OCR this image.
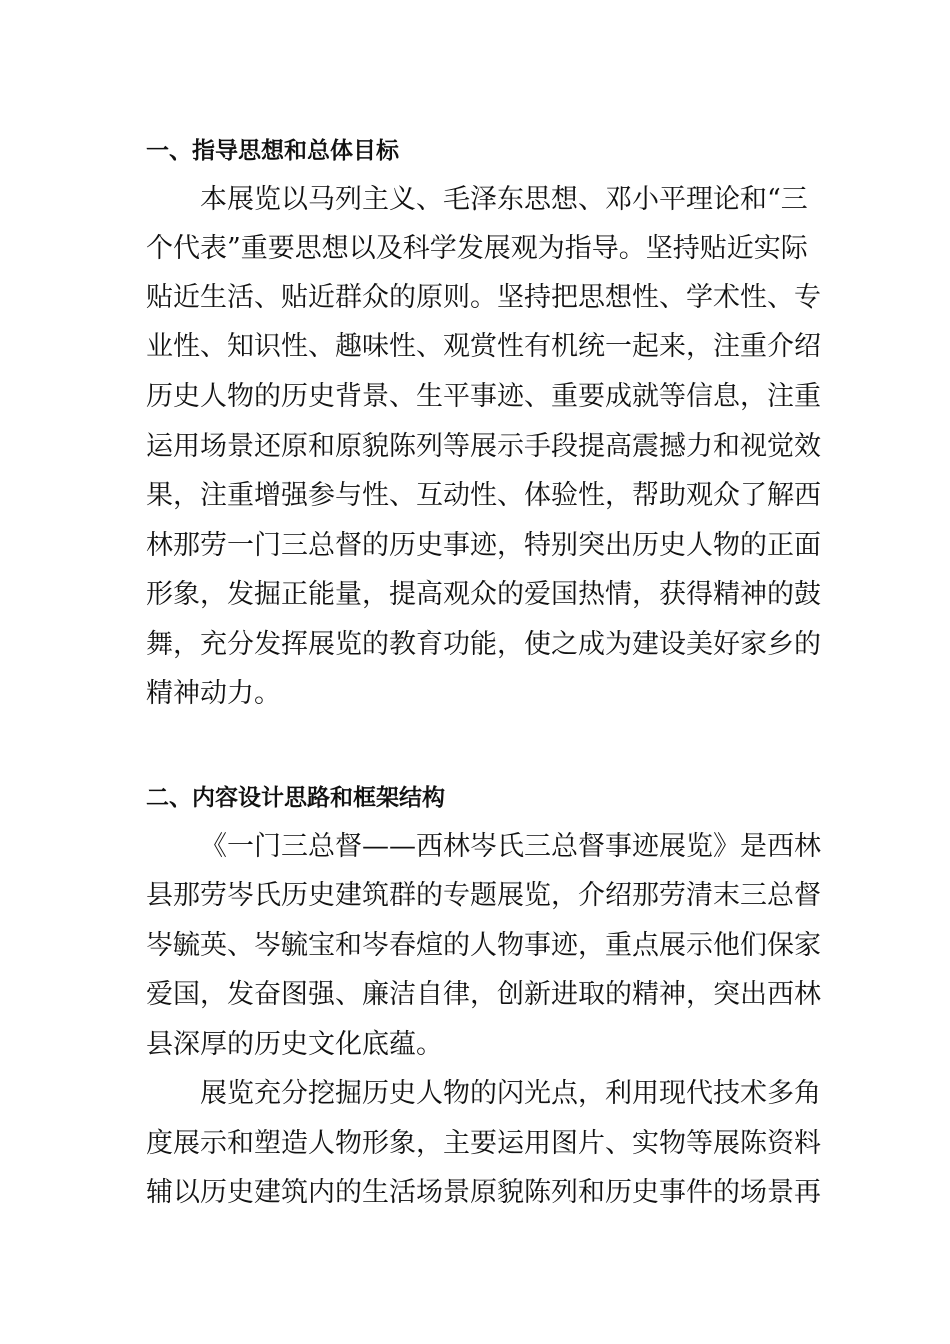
一、指导思想和总体目标

本展览以马列主义、毛泽东思想、邓小平理论和“三

个代表”重要思想以及科学发展观为指导。坚持贴近实际

贴近生活、贴近群众的原则。坚持把思想性、学术性、专

业性、知识性、趣味性、观赏性有机统一起来，注重介绍

历史人物的历史背景、生平事迹、重要成就等信息，注重

运用场景还原和原貌陈列等展示手段提高震撼力和视觉效

果，注重增强参与性、互动性、体验性，帮助观众了解西

林那劳一门三总督的历史事迹，特别突出历史人物的正面

形象，发掘正能量，提高观众的爱国热情，获得精神的鼓

舞，充分发挥展览的教育功能，使之成为建设美好家乡的

精神动力。

二、内容设计思路和框架结构

《一门三总督——西林岑氏三总督事迹展览》是西林

县那劳岑氏历史建筑群的专题展览，介绍那劳清末三总督

岑毓英、岑毓宝和岑春煊的人物事迹，重点展示他们保家

爱国，发奋图强、廉洁自律，创新进取的精神，突出西林

县深厚的历史文化底蕴。

展览充分挖掘历史人物的闪光点，利用现代技术多角

度展示和塑造人物形象，主要运用图片、实物等展陈资料

辅以历史建筑内的生活场景原貌陈列和历史事件的场景再
